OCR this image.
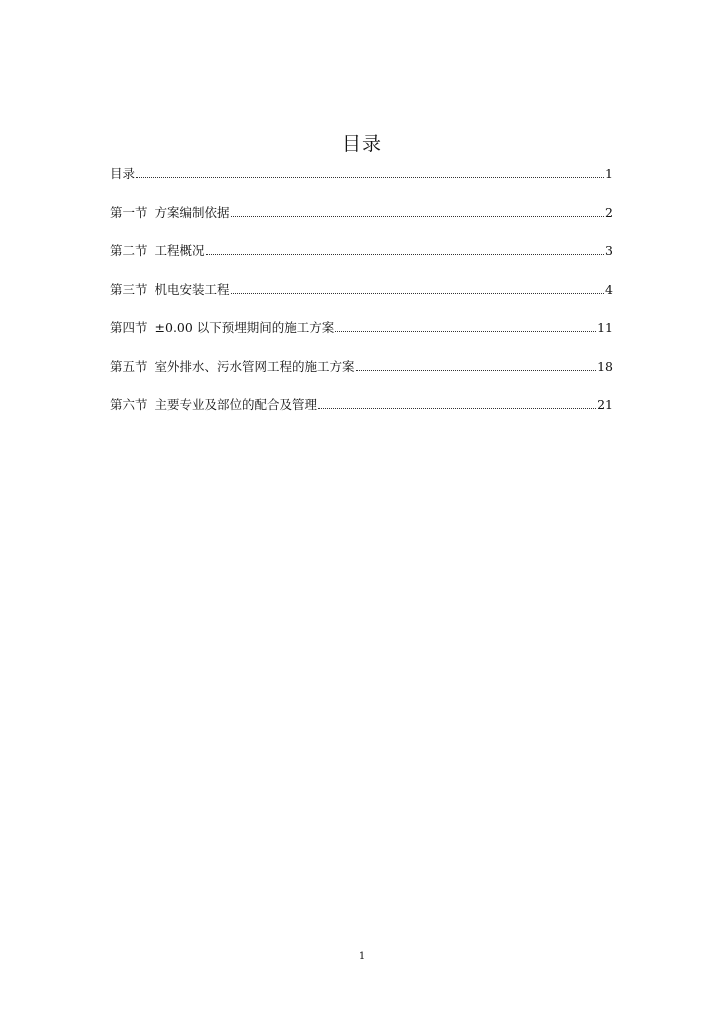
目录
目录	1
第一节 方案编制依据	2
第二节 工程概况	3
第三节 机电安装工程	4
第四节 ±0.00 以下预埋期间的施工方案	11
第五节 室外排水、污水管网工程的施工方案	18
第六节 主要专业及部位的配合及管理	21
1
